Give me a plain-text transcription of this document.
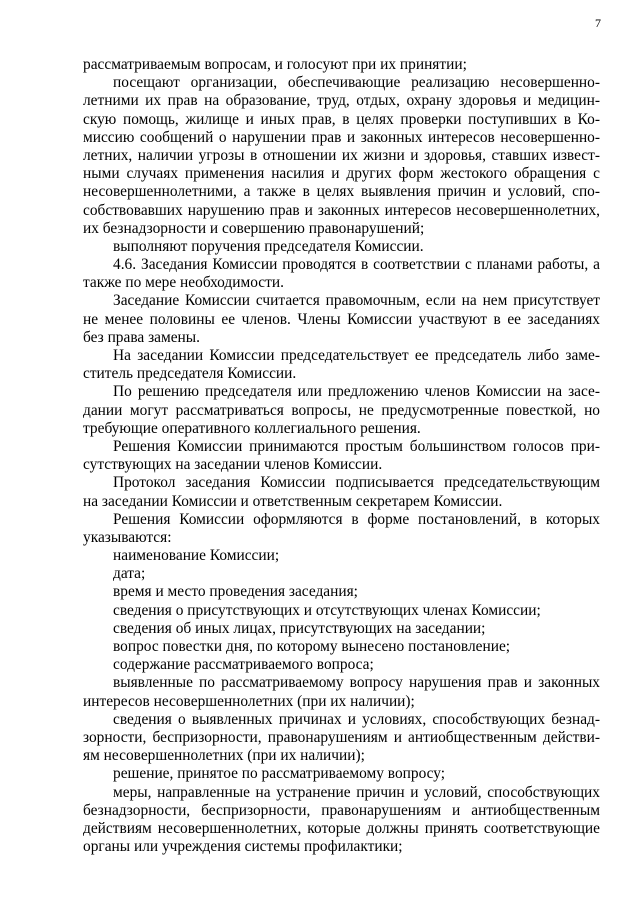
7
рассматриваемым вопросам, и голосуют при их принятии;
посещают организации, обеспечивающие реализацию несовершенно-
летними их прав на образование, труд, отдых, охрану здоровья и медицин-
скую помощь, жилище и иных прав, в целях проверки поступивших в Ко-
миссию сообщений о нарушении прав и законных интересов несовершенно-
летних, наличии угрозы в отношении их жизни и здоровья, ставших извест-
ными случаях применения насилия и других форм жестокого обращения с
несовершеннолетними, а также в целях выявления причин и условий, спо-
собствовавших нарушению прав и законных интересов несовершеннолетних,
их безнадзорности и совершению правонарушений;
выполняют поручения председателя Комиссии.
4.6. Заседания Комиссии проводятся в соответствии с планами работы, а
также по мере необходимости.
Заседание Комиссии считается правомочным, если на нем присутствует
не менее половины ее членов. Члены Комиссии участвуют в ее заседаниях
без права замены.
На заседании Комиссии председательствует ее председатель либо заме-
ститель председателя Комиссии.
По решению председателя или предложению членов Комиссии на засе-
дании могут рассматриваться вопросы, не предусмотренные повесткой, но
требующие оперативного коллегиального решения.
Решения Комиссии принимаются простым большинством голосов при-
сутствующих на заседании членов Комиссии.
Протокол заседания Комиссии подписывается председательствующим
на заседании Комиссии и ответственным секретарем Комиссии.
Решения Комиссии оформляются в форме постановлений, в которых
указываются:
наименование Комиссии;
дата;
время и место проведения заседания;
сведения о присутствующих и отсутствующих членах Комиссии;
сведения об иных лицах, присутствующих на заседании;
вопрос повестки дня, по которому вынесено постановление;
содержание рассматриваемого вопроса;
выявленные по рассматриваемому вопросу нарушения прав и законных
интересов несовершеннолетних (при их наличии);
сведения о выявленных причинах и условиях, способствующих безнад-
зорности, беспризорности, правонарушениям и антиобщественным действи-
ям несовершеннолетних (при их наличии);
решение, принятое по рассматриваемому вопросу;
меры, направленные на устранение причин и условий, способствующих
безнадзорности, беспризорности, правонарушениям и антиобщественным
действиям несовершеннолетних, которые должны принять соответствующие
органы или учреждения системы профилактики;
